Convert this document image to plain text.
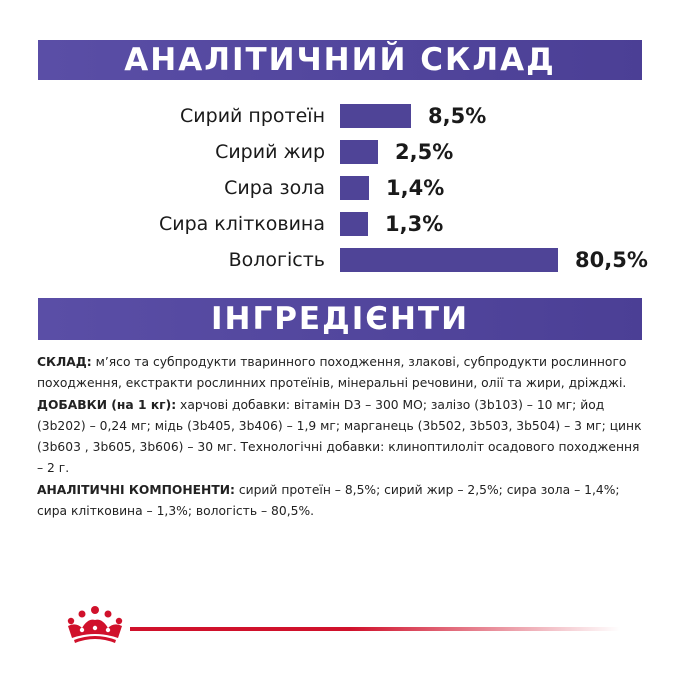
АНАЛІТИЧНИЙ СКЛАД
Сирий протеїн	8,5%
Сирий жир	2,5%
Сира зола	1,4%
Сира клітковина	1,3%
Вологість	80,5%
ІНГРЕДІЄНТИ

СКЛАД: м’ясо та субпродукти тваринного походження, злакові, субпродукти рослинного походження, екстракти рослинних протеїнів, мінеральні речовини, олії та жири, дріжджі.

ДОБАВКИ (на 1 кг): харчові добавки: вітамін D3 – 300 МО; залізо (3b103) – 10 мг; йод (3b202) – 0,24 мг; мідь (3b405, 3b406) – 1,9 мг; марганець (3b502, 3b503, 3b504) – 3 мг; цинк (3b603 , 3b605, 3b606) – 30 мг. Технологічні добавки: клиноптилоліт осадового походження – 2 г.

АНАЛІТИЧНІ КОМПОНЕНТИ: сирий протеїн – 8,5%; сирий жир – 2,5%; сира зола – 1,4%; сира клітковина – 1,3%; вологість – 80,5%.
